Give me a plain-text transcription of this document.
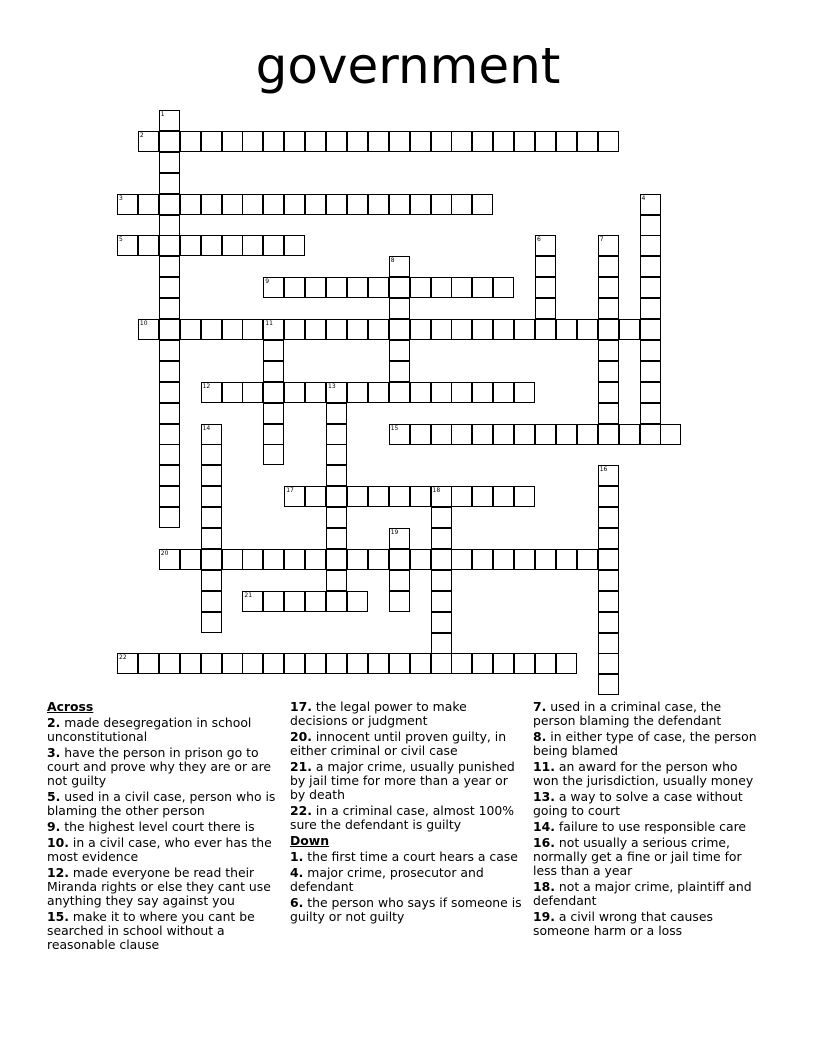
government
1
2
3	4
5	6	7
8
9
10	11
12	13
14	15
16
17	18
19
20
21
22
Across
2. made desegregation in school unconstitutional
3. have the person in prison go to court and prove why they are or are not guilty
5. used in a civil case, person who is blaming the other person
9. the highest level court there is
10. in a civil case, who ever has the most evidence
12. made everyone be read their Miranda rights or else they cant use anything they say against you
15. make it to where you cant be searched in school without a reasonable clause
17. the legal power to make decisions or judgment
20. innocent until proven guilty, in either criminal or civil case
21. a major crime, usually punished by jail time for more than a year or by death
22. in a criminal case, almost 100% sure the defendant is guilty
Down
1. the first time a court hears a case
4. major crime, prosecutor and defendant
6. the person who says if someone is guilty or not guilty
7. used in a criminal case, the person blaming the defendant
8. in either type of case, the person being blamed
11. an award for the person who won the jurisdiction, usually money
13. a way to solve a case without going to court
14. failure to use responsible care
16. not usually a serious crime, normally get a fine or jail time for less than a year
18. not a major crime, plaintiff and defendant
19. a civil wrong that causes someone harm or a loss
